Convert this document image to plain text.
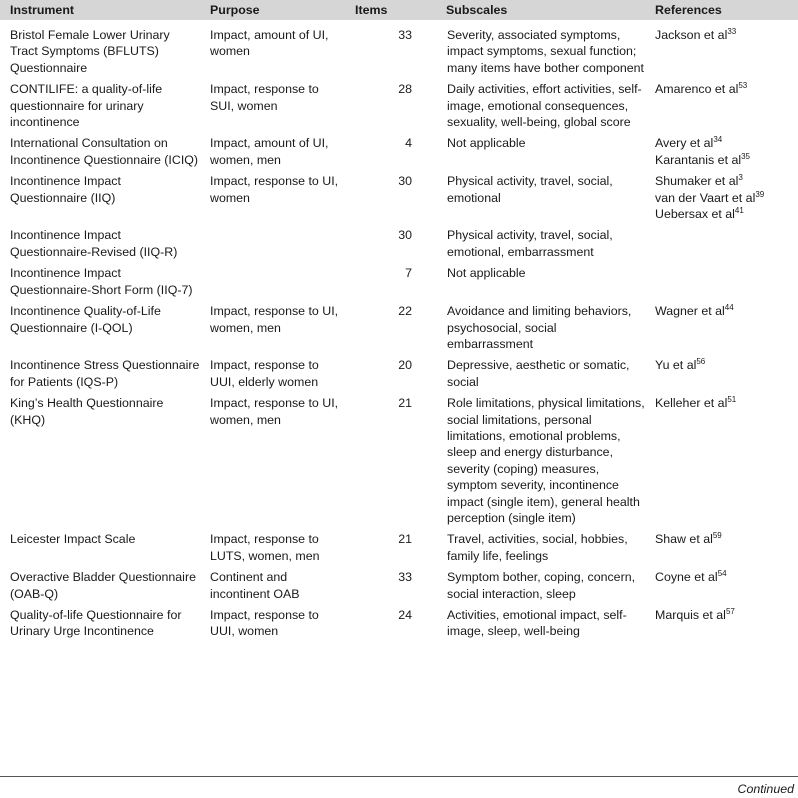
Instrument	Purpose	Items	Subscales	References
Bristol Female Lower Urinary Tract Symptoms (BFLUTS) Questionnaire	Impact, amount of UI, women	33	Severity, associated symptoms, impact symptoms, sexual function; many items have bother component	Jackson et $al^{33}$

CONTILIFE: a quality-of-life questionnaire for urinary incontinence	Impact, response to SUI, women	28	Daily activities, effort activities, self-image, emotional consequences, sexuality, well-being, global score	Amarenco et $al^{53}$

International Consultation on Incontinence Questionnaire (ICIQ)	Impact, amount of UI, women, men	4	Not applicable	Avery et $al^{34}$
Karantanis et $al^{35}$

Incontinence Impact Questionnaire (IIQ)	Impact, response to UI, women	30	Physical activity, travel, social, emotional	Shumaker et $al^3$
van der Vaart et $al^{39}$
Uebersax et $al^{41}$

Incontinence Impact Questionnaire-Revised (IIQ-R)		30	Physical activity, travel, social, emotional, embarrassment	
Incontinence Impact Questionnaire-Short Form (IIQ-7)		7	Not applicable	
Incontinence Quality-of-Life Questionnaire (I-QOL)	Impact, response to UI, women, men	22	Avoidance and limiting behaviors, psychosocial, social embarrassment	Wagner et $al^{44}$

Incontinence Stress Questionnaire for Patients (IQS-P)	Impact, response to UUI, elderly women	20	Depressive, aesthetic or somatic, social	Yu et $al^{56}$

King’s Health Questionnaire (KHQ)	Impact, response to UI, women, men	21	Role limitations, physical limitations, social limitations, personal limitations, emotional problems, sleep and energy disturbance, severity (coping) measures, symptom severity, incontinence impact (single item), general health perception (single item)	Kelleher et $al^{51}$

Leicester Impact Scale	Impact, response to LUTS, women, men	21	Travel, activities, social, hobbies, family life, feelings	Shaw et $al^{59}$

Overactive Bladder Questionnaire (OAB-Q)	Continent and incontinent OAB	33	Symptom bother, coping, concern, social interaction, sleep	Coyne et $al^{54}$

Quality-of-life Questionnaire for Urinary Urge Incontinence	Impact, response to UUI, women	24	Activities, emotional impact, self-image, sleep, well-being	Marquis et $al^{57}$
Continued
